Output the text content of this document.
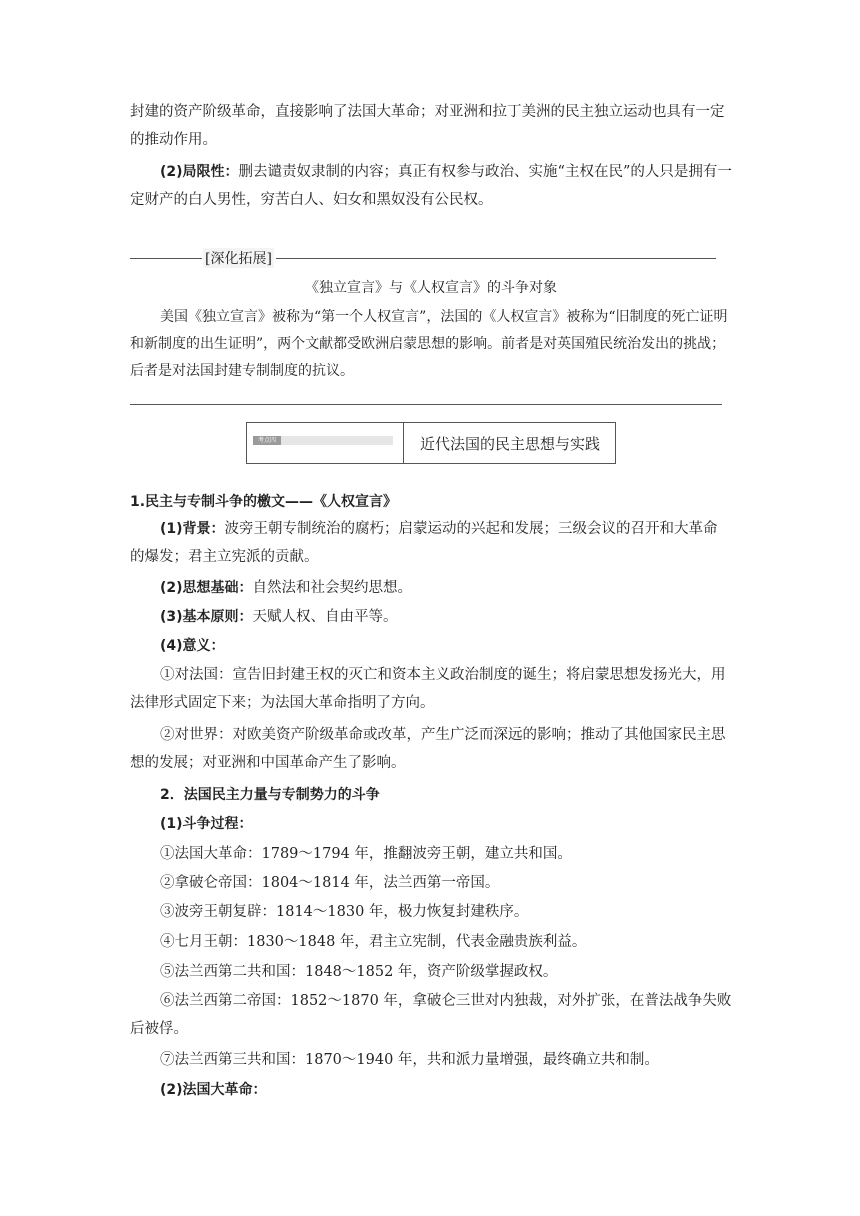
封建的资产阶级革命，直接影响了法国大革命；对亚洲和拉丁美洲的民主独立运动也具有一定的推动作用。

(2)局限性：删去谴责奴隶制的内容；真正有权参与政治、实施“主权在民”的人只是拥有一定财产的白人男性，穷苦白人、妇女和黑奴没有公民权。

[深化拓展]
《独立宣言》与《人权宣言》的斗争对象
美国《独立宣言》被称为“第一个人权宣言”，法国的《人权宣言》被称为“旧制度的死亡证明和新制度的出生证明”，两个文献都受欧洲启蒙思想的影响。前者是对英国殖民统治发出的挑战；后者是对法国封建专制制度的抗议。
考点四	近代法国的民主思想与实践

1.民主与专制斗争的檄文——《人权宣言》

(1)背景：波旁王朝专制统治的腐朽；启蒙运动的兴起和发展；三级会议的召开和大革命的爆发；君主立宪派的贡献。

(2)思想基础：自然法和社会契约思想。

(3)基本原则：天赋人权、自由平等。

(4)意义：

①对法国：宣告旧封建王权的灭亡和资本主义政治制度的诞生；将启蒙思想发扬光大，用法律形式固定下来；为法国大革命指明了方向。

②对世界：对欧美资产阶级革命或改革，产生广泛而深远的影响；推动了其他国家民主思想的发展；对亚洲和中国革命产生了影响。

2．法国民主力量与专制势力的斗争

(1)斗争过程：

①法国大革命：1789～1794 年，推翻波旁王朝，建立共和国。

②拿破仑帝国：1804～1814 年，法兰西第一帝国。

③波旁王朝复辟：1814～1830 年，极力恢复封建秩序。

④七月王朝：1830～1848 年，君主立宪制，代表金融贵族利益。

⑤法兰西第二共和国：1848～1852 年，资产阶级掌握政权。

⑥法兰西第二帝国：1852～1870 年，拿破仑三世对内独裁，对外扩张，在普法战争失败后被俘。

⑦法兰西第三共和国：1870～1940 年，共和派力量增强，最终确立共和制。

(2)法国大革命：
